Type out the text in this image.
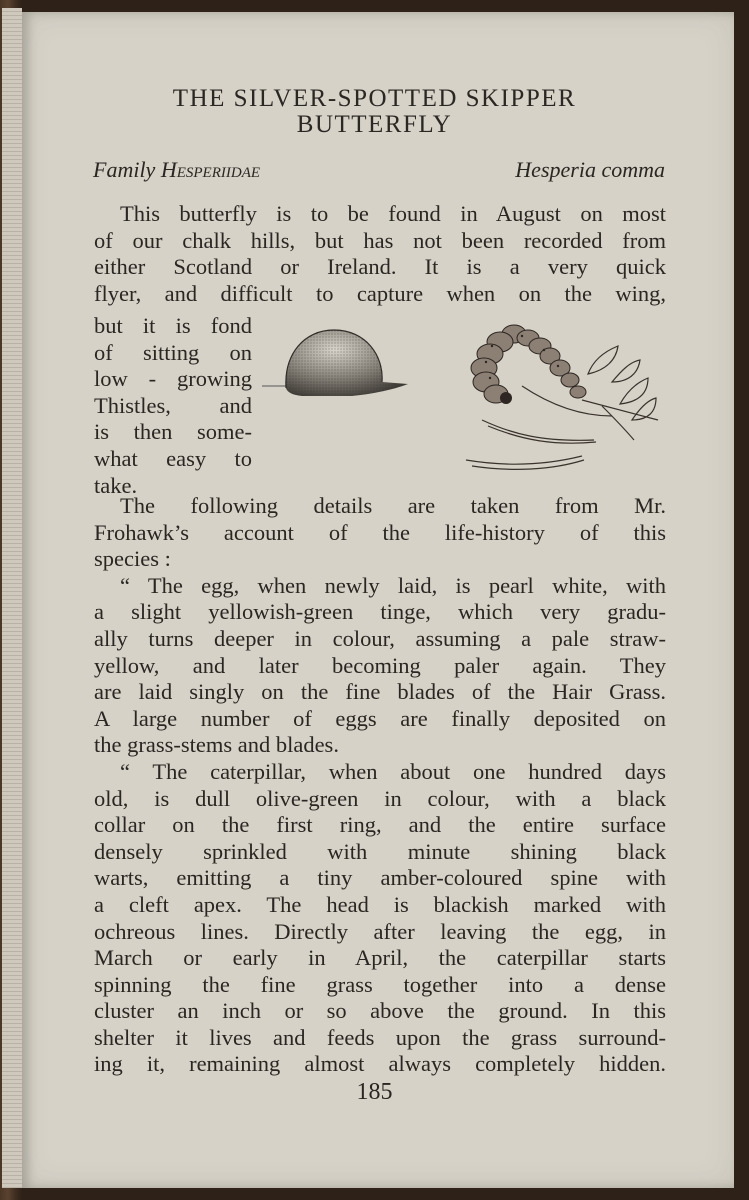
THE SILVER-SPOTTED SKIPPER
BUTTERFLY
Family Hesperiidae	Hesperia comma
This butterfly is to be found in August on most
of our chalk hills, but has not been recorded from
either Scotland or Ireland. It is a very quick
flyer, and difficult to capture when on the wing,
but it is fond
of sitting on
low - growing
Thistles, and
is then some-
what easy to
take.
The following details are taken from Mr.
Frohawk’s account of the life-history of this
species :
“ The egg, when newly laid, is pearl white, with
a slight yellowish-green tinge, which very gradu-
ally turns deeper in colour, assuming a pale straw-
yellow, and later becoming paler again. They
are laid singly on the fine blades of the Hair Grass.
A large number of eggs are finally deposited on
the grass-stems and blades.
“ The caterpillar, when about one hundred days
old, is dull olive-green in colour, with a black
collar on the first ring, and the entire surface
densely sprinkled with minute shining black
warts, emitting a tiny amber-coloured spine with
a cleft apex. The head is blackish marked with
ochreous lines. Directly after leaving the egg, in
March or early in April, the caterpillar starts
spinning the fine grass together into a dense
cluster an inch or so above the ground. In this
shelter it lives and feeds upon the grass surround-
ing it, remaining almost always completely hidden.
185
